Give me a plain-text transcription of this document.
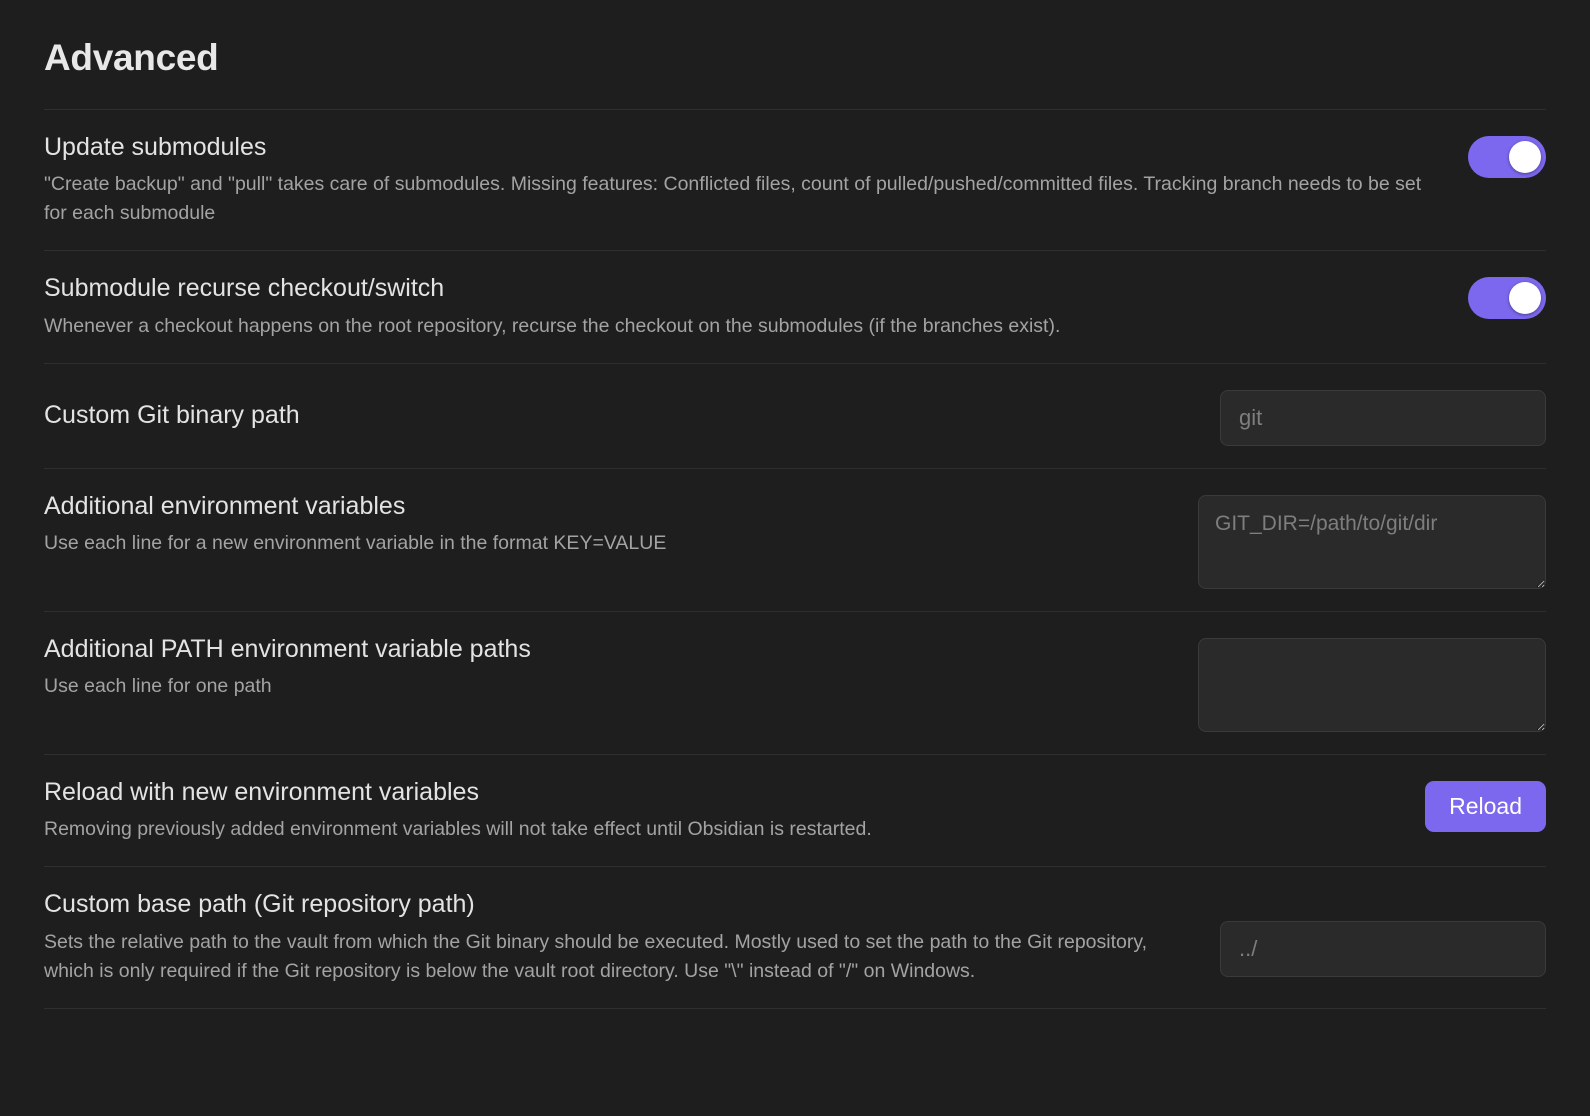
Advanced
Update submodules
"Create backup" and "pull" takes care of submodules. Missing features: Conflicted files, count of pulled/pushed/committed files. Tracking branch needs to be set for each submodule
Submodule recurse checkout/switch
Whenever a checkout happens on the root repository, recurse the checkout on the submodules (if the branches exist).
Custom Git binary path
git
Additional environment variables
Use each line for a new environment variable in the format KEY=VALUE
GIT_DIR=/path/to/git/dir
Additional PATH environment variable paths
Use each line for one path
Reload with new environment variables
Removing previously added environment variables will not take effect until Obsidian is restarted.
Reload
Custom base path (Git repository path)
Sets the relative path to the vault from which the Git binary should be executed. Mostly used to set the path to the Git repository, which is only required if the Git repository is below the vault root directory. Use "\" instead of "/" on Windows.
../
